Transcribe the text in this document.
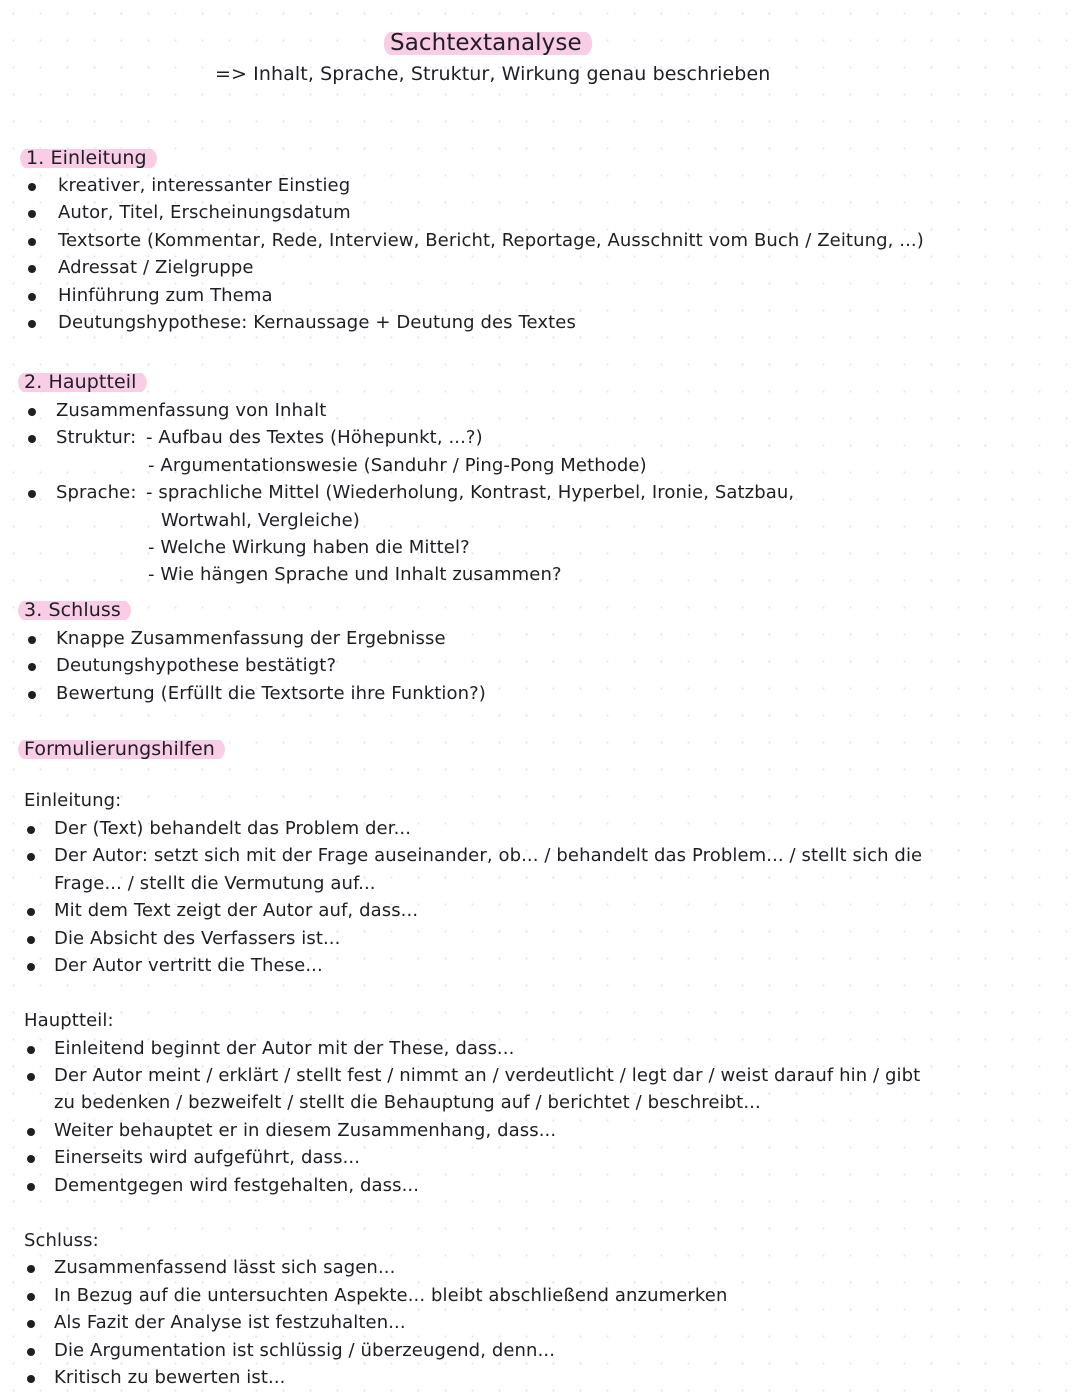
Sachtextanalyse
=> Inhalt, Sprache, Struktur, Wirkung genau beschrieben
1. Einleitung
kreativer, interessanter Einstieg
Autor, Titel, Erscheinungsdatum
Textsorte (Kommentar, Rede, Interview, Bericht, Reportage, Ausschnitt vom Buch / Zeitung, ...)
Adressat / Zielgruppe
Hinführung zum Thema
Deutungshypothese: Kernaussage + Deutung des Textes
2. Hauptteil
Zusammenfassung von Inhalt
Struktur: - Aufbau des Textes (Höhepunkt, ...?)
- Argumentationswesie (Sanduhr / Ping-Pong Methode)
Sprache: - sprachliche Mittel (Wiederholung, Kontrast, Hyperbel, Ironie, Satzbau,
Wortwahl, Vergleiche)
- Welche Wirkung haben die Mittel?
- Wie hängen Sprache und Inhalt zusammen?
3. Schluss
Knappe Zusammenfassung der Ergebnisse
Deutungshypothese bestätigt?
Bewertung (Erfüllt die Textsorte ihre Funktion?)
Formulierungshilfen
Einleitung:
Der (Text) behandelt das Problem der...
Der Autor: setzt sich mit der Frage auseinander, ob... / behandelt das Problem... / stellt sich die
Frage... / stellt die Vermutung auf...
Mit dem Text zeigt der Autor auf, dass...
Die Absicht des Verfassers ist...
Der Autor vertritt die These...
Hauptteil:
Einleitend beginnt der Autor mit der These, dass...
Der Autor meint / erklärt / stellt fest / nimmt an / verdeutlicht / legt dar / weist darauf hin / gibt
zu bedenken / bezweifelt / stellt die Behauptung auf / berichtet / beschreibt...
Weiter behauptet er in diesem Zusammenhang, dass...
Einerseits wird aufgeführt, dass...
Dementgegen wird festgehalten, dass...
Schluss:
Zusammenfassend lässt sich sagen...
In Bezug auf die untersuchten Aspekte... bleibt abschließend anzumerken
Als Fazit der Analyse ist festzuhalten...
Die Argumentation ist schlüssig / überzeugend, denn...
Kritisch zu bewerten ist...
